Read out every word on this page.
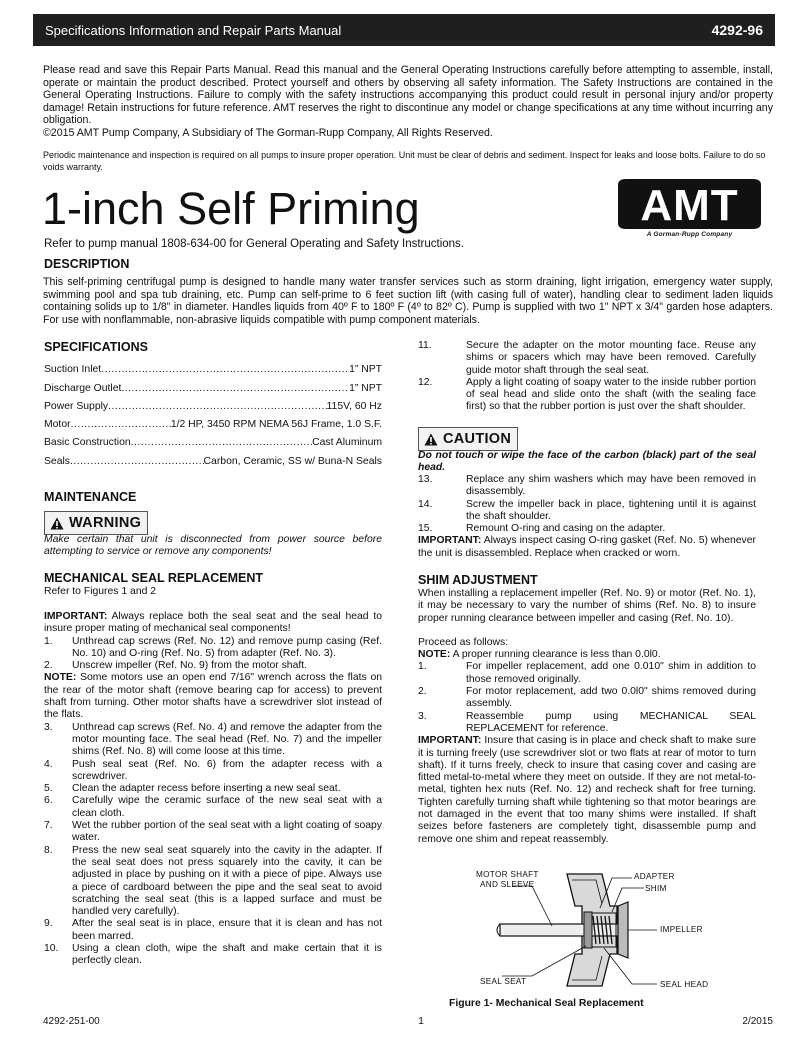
Specifications Information and Repair Parts Manual	4292-96

Please read and save this Repair Parts Manual. Read this manual and the General Operating Instructions carefully before attempting to assemble, install, operate or maintain the product described. Protect yourself and others by observing all safety information. The Safety Instructions are contained in the General Operating Instructions. Failure to comply with the safety instructions accompanying this product could result in personal injury and/or property damage! Retain instructions for future reference. AMT reserves the right to discontinue any model or change specifications at any time without incurring any obligation.

©2015 AMT Pump Company, A Subsidiary of The Gorman-Rupp Company, All Rights Reserved.

Periodic maintenance and inspection is required on all pumps to insure proper operation. Unit must be clear of debris and sediment. Inspect for leaks and loose bolts. Failure to do so voids warranty.
1-inch Self Priming
Refer to pump manual 1808-634-00 for General Operating and Safety Instructions.
AMT
A Gorman-Rupp Company
DESCRIPTION
This self-priming centrifugal pump is designed to handle many water transfer services such as storm draining, light irrigation, emergency water supply, swimming pool and spa tub draining, etc. Pump can self-prime to 6 feet suction lift (with casing full of water), handling clear to sediment laden liquids containing solids up to 1/8" in diameter. Handles liquids from 40º F to 180º F (4º to 82º C). Pump is supplied with two 1" NPT x 3/4" garden hose adapters. For use with nonflammable, non-abrasive liquids compatible with pump component materials.
SPECIFICATIONS
Suction Inlet .....	1” NPT
Discharge Outlet .....	1” NPT
Power Supply .....	115V, 60 Hz
Motor .....	1/2 HP, 3450 RPM NEMA 56J Frame, 1.0 S.F.
Basic Construction .....	Cast Aluminum
Seals .....	Carbon, Ceramic, SS w/ Buna-N Seals
MAINTENANCE
WARNING
Make certain that unit is disconnected from power source before attempting to service or remove any components!
MECHANICAL SEAL REPLACEMENT
Refer to Figures 1 and 2

IMPORTANT: Always replace both the seal seat and the seal head to insure proper mating of mechanical seal components!

1.	Unthread cap screws (Ref. No. 12) and remove pump casing (Ref. No. 10) and O-ring (Ref. No. 5) from adapter (Ref. No. 3).
2.	Unscrew impeller (Ref. No. 9) from the motor shaft.

NOTE: Some motors use an open end 7/16" wrench across the flats on the rear of the motor shaft (remove bearing cap for access) to prevent shaft from turning. Other motor shafts have a screwdriver slot instead of the flats.

3.	Unthread cap screws (Ref. No. 4) and remove the adapter from the motor mounting face. The seal head (Ref. No. 7) and the impeller shims (Ref. No. 8) will come loose at this time.
4.	Push seal seat (Ref. No. 6) from the adapter recess with a screwdriver.
5.	Clean the adapter recess before inserting a new seal seat.
6.	Carefully wipe the ceramic surface of the new seal seat with a clean cloth.
7.	Wet the rubber portion of the seal seat with a light coating of soapy water.
8.	Press the new seal seat squarely into the cavity in the adapter. If the seal seat does not press squarely into the cavity, it can be adjusted in place by pushing on it with a piece of pipe. Always use a piece of cardboard between the pipe and the seal seat to avoid scratching the seal seat (this is a lapped surface and must be handled very carefully).
9.	After the seal seat is in place, ensure that it is clean and has not been marred.
10.	Using a clean cloth, wipe the shaft and make certain that it is perfectly clean.
11.	Secure the adapter on the motor mounting face. Reuse any shims or spacers which may have been removed. Carefully guide motor shaft through the seal seat.
12.	Apply a light coating of soapy water to the inside rubber portion of seal head and slide onto the shaft (with the sealing face first) so that the rubber portion is just over the shaft shoulder.
CAUTION
Do not touch or wipe the face of the carbon (black) part of the seal head.
13.	Replace any shim washers which may have been removed in disassembly.
14.	Screw the impeller back in place, tightening until it is against the shaft shoulder.
15.	Remount O-ring and casing on the adapter.

IMPORTANT: Always inspect casing O-ring gasket (Ref. No. 5) whenever the unit is disassembled. Replace when cracked or worn.

SHIM ADJUSTMENT

When installing a replacement impeller (Ref. No. 9) or motor (Ref. No. 1), it may be necessary to vary the number of shims (Ref. No. 8) to insure proper running clearance between impeller and casing (Ref. No. 10).

Proceed as follows:

NOTE: A proper running clearance is less than 0.0l0.

1.	For impeller replacement, add one 0.010" shim in addition to those removed originally.
2.	For motor replacement, add two 0.0l0" shims removed during assembly.
3.	Reassemble pump using MECHANICAL SEAL REPLACEMENT for reference.

IMPORTANT: Insure that casing is in place and check shaft to make sure it is turning freely (use screwdriver slot or two flats at rear of motor to turn shaft). If it turns freely, check to insure that casing cover and casing are fitted metal-to-metal where they meet on outside. If they are not metal-to-metal, tighten hex nuts (Ref. No. 12) and recheck shaft for free turning. Tighten carefully turning shaft while tightening so that motor bearings are not damaged in the event that too many shims were installed. If shaft seizes before fasteners are completely tight, disassemble pump and remove one shim and repeat reassembly.

MOTOR SHAFT
AND SLEEVE
ADAPTER
SHIM
IMPELLER
SEAL SEAT	SEAL HEAD
Figure 1- Mechanical Seal Replacement
4292-251-00	1	2/2015
